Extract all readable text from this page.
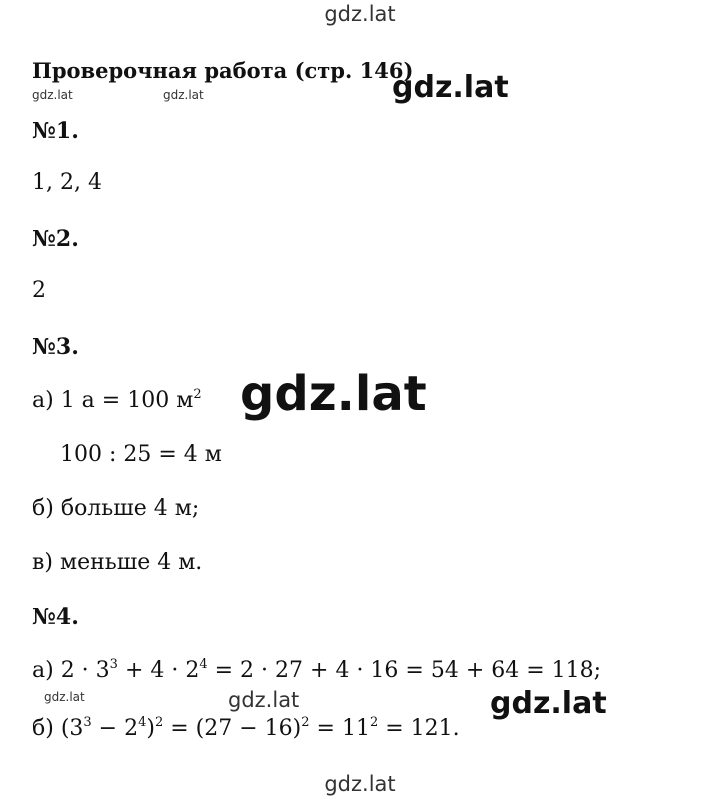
gdz.lat
Проверочная работа (стр. 146)
gdz.lat
gdz.lat	gdz.lat
№1.
1, 2, 4
№2.
2
№3.
а) 1 а = 100 $м^2$ gdz.lat
100 : 25 = 4 м
б) больше 4 м;
в) меньше 4 м.
№4.
а) $2 \cdot 3^3 + 4 \cdot 2^4 = 2 \cdot 27 + 4 \cdot 16 = 54 + 64 = 118$;
gdz.lat	gdz.lat	gdz.lat
б) $(3^3 - 2^4)^2 = (27 - 16)^2 = 11^2 = 121$.
gdz.lat
